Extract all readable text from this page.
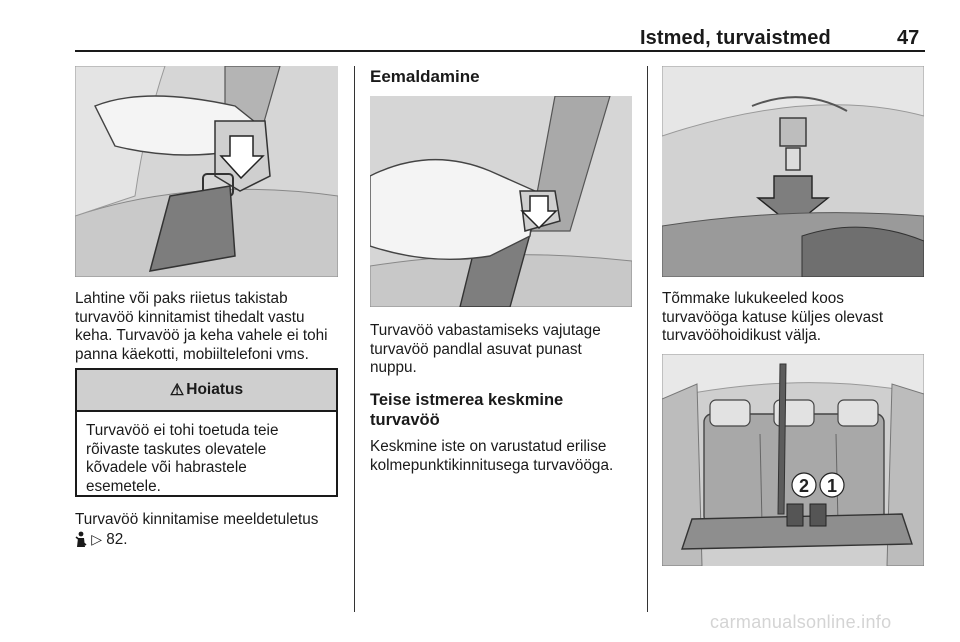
Istmed, turvaistmed	47

Lahtine või paks riietus takistab
turvavöö kinnitamist tihedalt vastu
keha. Turvavöö ja keha vahele ei tohi
panna käekotti, mobiiltelefoni vms.

⚠ Hoiatus
Turvavöö ei tohi toetuda teie
rõivaste taskutes olevatele
kõvadele või habrastele
esemetele.

Turvavöö kinnitamise meeldetuletus
▷ 82.

Eemaldamine

Turvavöö vabastamiseks vajutage
turvavöö pandlal asuvat punast
nuppu.

Teise istmerea keskmine
turvavöö

Keskmine iste on varustatud erilise
kolmepunktikinnitusega turvavööga.

Tõmmake lukukeeled koos
turvavööga katuse küljes olevast
turvavööhoidikust välja.

2 1
carmanualsonline.info
